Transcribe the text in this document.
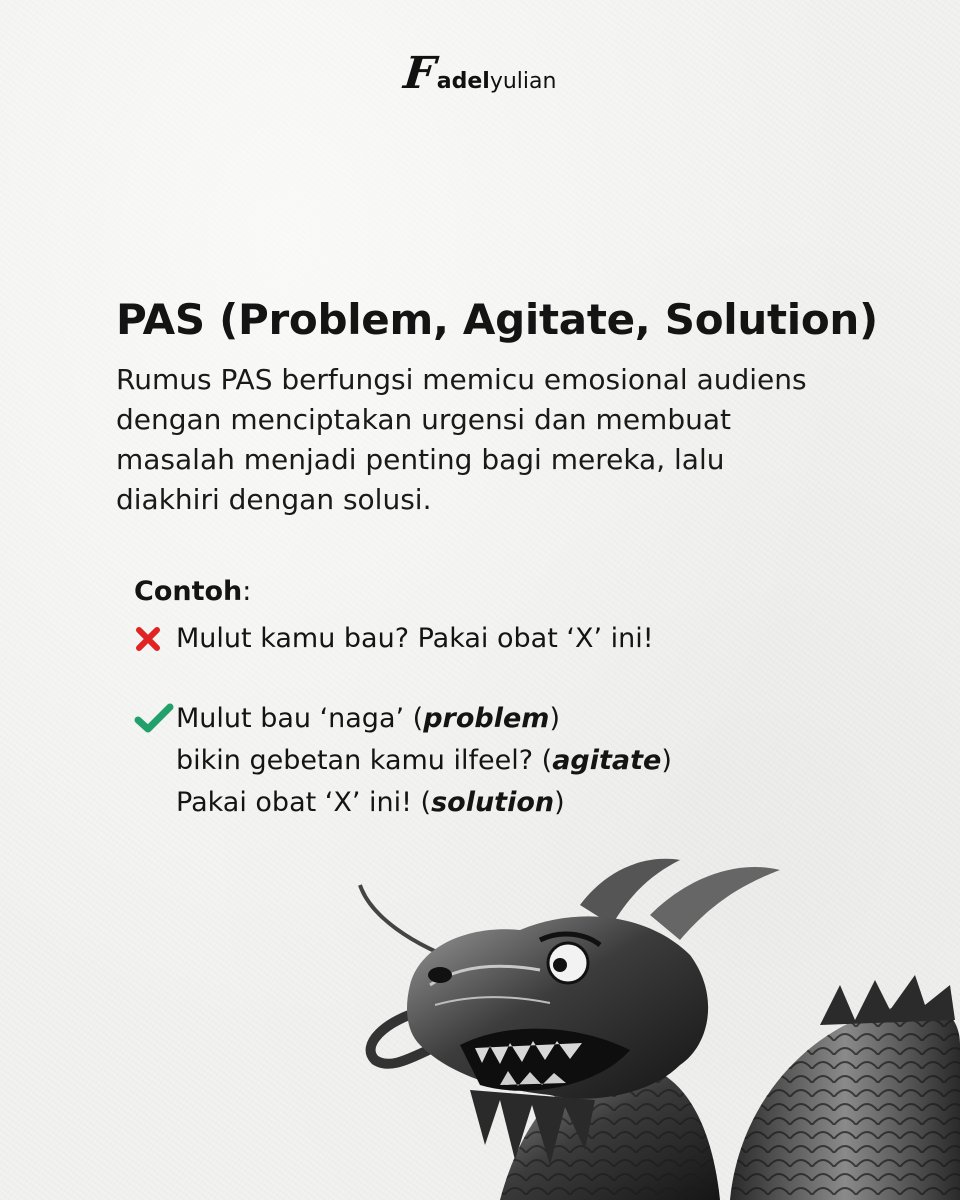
F adel yulian
PAS (Problem, Agitate, Solution)

Rumus PAS berfungsi memicu emosional audiens dengan menciptakan urgensi dan membuat masalah menjadi penting bagi mereka, lalu diakhiri dengan solusi.

Contoh:
Mulut kamu bau? Pakai obat ‘X’ ini!
Mulut bau ‘naga’ (problem)
bikin gebetan kamu ilfeel? (agitate)
Pakai obat ‘X’ ini! (solution)
